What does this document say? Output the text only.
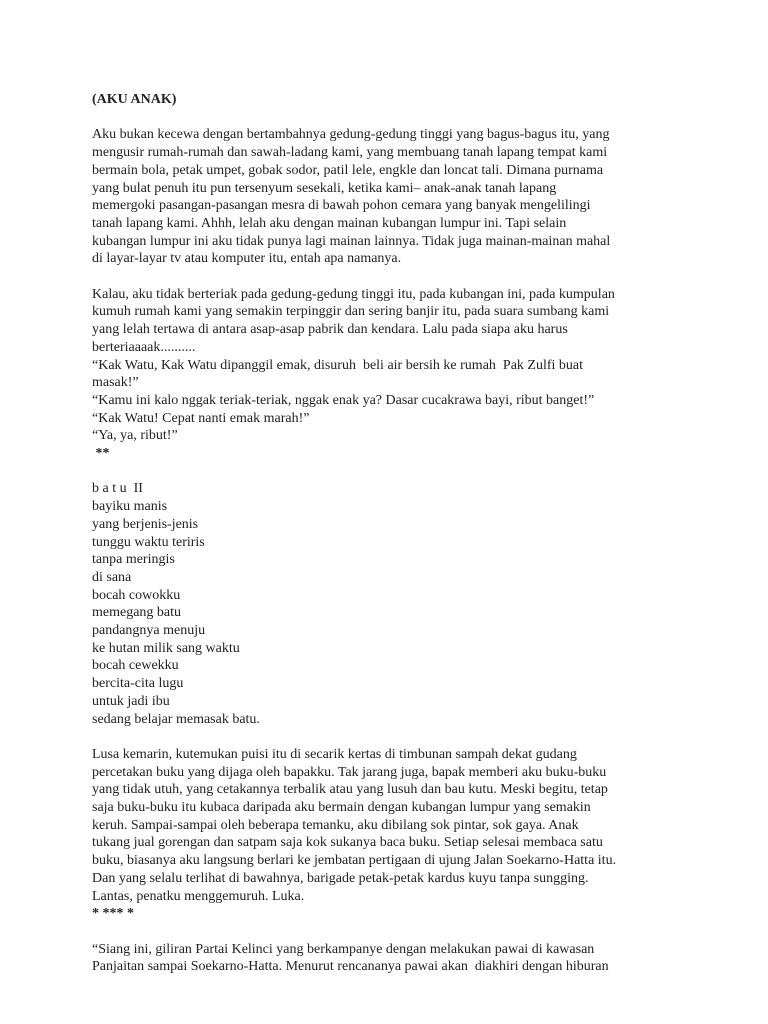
(AKU ANAK)
Aku bukan kecewa dengan bertambahnya gedung-gedung tinggi yang bagus-bagus itu, yang
mengusir rumah-rumah dan sawah-ladang kami, yang membuang tanah lapang tempat kami
bermain bola, petak umpet, gobak sodor, patil lele, engkle dan loncat tali. Dimana purnama
yang bulat penuh itu pun tersenyum sesekali, ketika kami– anak-anak tanah lapang
memergoki pasangan-pasangan mesra di bawah pohon cemara yang banyak mengelilingi
tanah lapang kami. Ahhh, lelah aku dengan mainan kubangan lumpur ini. Tapi selain
kubangan lumpur ini aku tidak punya lagi mainan lainnya. Tidak juga mainan-mainan mahal
di layar-layar tv atau komputer itu, entah apa namanya.
Kalau, aku tidak berteriak pada gedung-gedung tinggi itu, pada kubangan ini, pada kumpulan
kumuh rumah kami yang semakin terpinggir dan sering banjir itu, pada suara sumbang kami
yang lelah tertawa di antara asap-asap pabrik dan kendara. Lalu pada siapa aku harus
berteriaaaak..........
“Kak Watu, Kak Watu dipanggil emak, disuruh  beli air bersih ke rumah  Pak Zulfi buat
masak!”
“Kamu ini kalo nggak teriak-teriak, nggak enak ya? Dasar cucakrawa bayi, ribut banget!”
“Kak Watu! Cepat nanti emak marah!”
“Ya, ya, ribut!”
**
b a t u  II
bayiku manis
yang berjenis-jenis
tunggu waktu teriris
tanpa meringis
di sana
bocah cowokku
memegang batu
pandangnya menuju
ke hutan milik sang waktu
bocah cewekku
bercita-cita lugu
untuk jadi ibu
sedang belajar memasak batu.
Lusa kemarin, kutemukan puisi itu di secarik kertas di timbunan sampah dekat gudang
percetakan buku yang dijaga oleh bapakku. Tak jarang juga, bapak memberi aku buku-buku
yang tidak utuh, yang cetakannya terbalik atau yang lusuh dan bau kutu. Meski begitu, tetap
saja buku-buku itu kubaca daripada aku bermain dengan kubangan lumpur yang semakin
keruh. Sampai-sampai oleh beberapa temanku, aku dibilang sok pintar, sok gaya. Anak
tukang jual gorengan dan satpam saja kok sukanya baca buku. Setiap selesai membaca satu
buku, biasanya aku langsung berlari ke jembatan pertigaan di ujung Jalan Soekarno-Hatta itu.
Dan yang selalu terlihat di bawahnya, barigade petak-petak kardus kuyu tanpa sungging.
Lantas, penatku menggemuruh. Luka.
* *** *
“Siang ini, giliran Partai Kelinci yang berkampanye dengan melakukan pawai di kawasan
Panjaitan sampai Soekarno-Hatta. Menurut rencananya pawai akan  diakhiri dengan hiburan
